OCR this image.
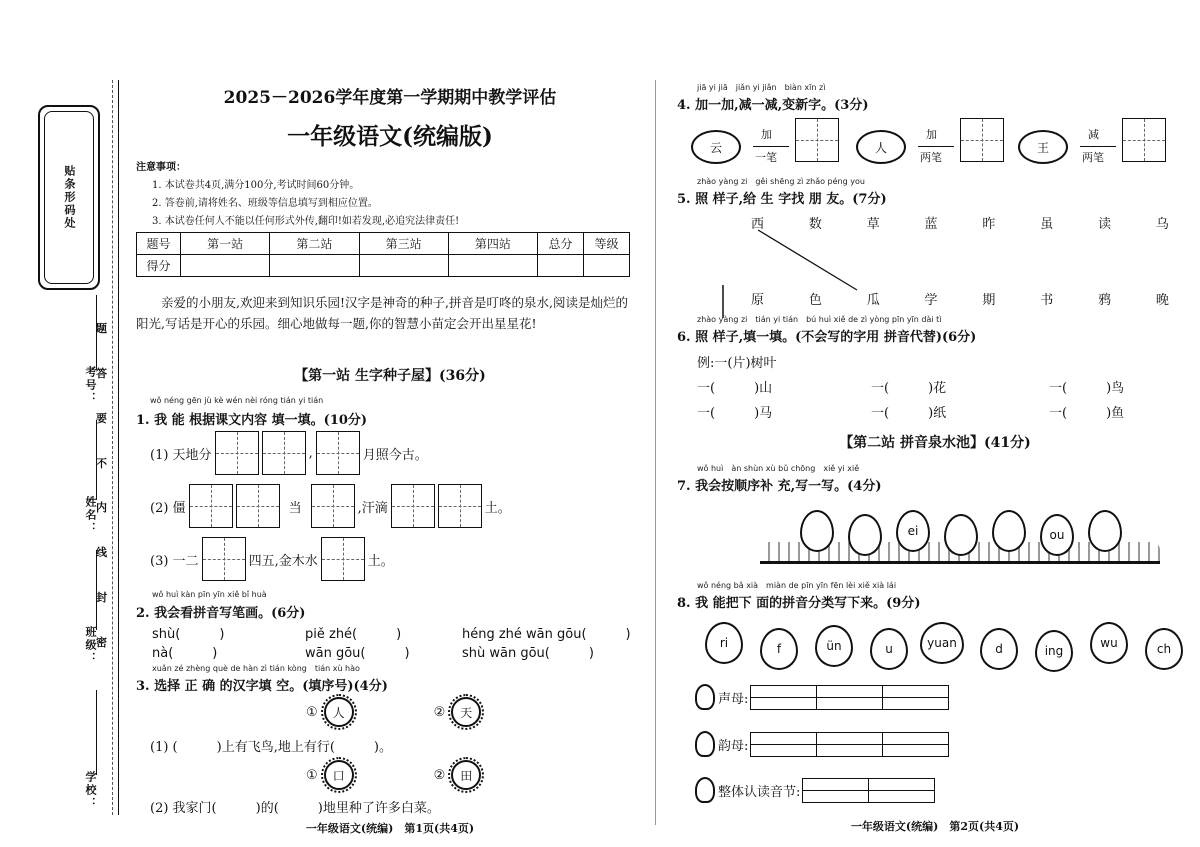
贴条形码处
题
答
要
不
内
线
封
密
考号：
姓名：
班级：
学校：
2025－2026学年度第一学期期中教学评估
一年级语文(统编版)
注意事项：
1. 本试卷共4页,满分100分,考试时间60分钟。
2. 答卷前,请将姓名、班级等信息填写到相应位置。
3. 本试卷任何人不能以任何形式外传,翻印!如若发现,必追究法律责任!
题号	第一站	第二站	第三站	第四站	总分	等级
得分						
亲爱的小朋友,欢迎来到知识乐园!汉字是神奇的种子,拼音是叮咚的泉水,阅读是灿烂的阳光,写话是开心的乐园。细心地做每一题,你的智慧小苗定会开出星星花!
【第一站 生字种子屋】(36分)
wǒ néng gēn jù kè wén nèi róng tián yi tián
1. 我 能 根据课文内容 填一填。(10分)
(1) 天地分	,	月照今古。
(2) 僵	当	,汗滴	土。
(3) 一二	四五,金木水	土。
wǒ huì kàn pīn yīn xiě bǐ huà
2. 我会看拼音写笔画。(6分)
shù(　　　)	piě zhé(　　　)	héng zhé wān gōu(　　　)
nà(　　　)	wān gōu(　　　)	shù wān gōu(　　　)
xuǎn zé zhèng què de hàn zì tián kòng　tián xù hào
3. 选择 正 确 的汉字填 空。(填序号)(4分)
①	人	②	天
(1) (　　　)上有飞鸟,地上有行(　　　)。
①	口	②	田
(2) 我家门(　　　)的(　　　)地里种了许多白菜。
一年级语文(统编)　第1页(共4页)
jiā yi jiā　jiǎn yi jiǎn　biàn xīn zì
4. 加一加,减一减,变新字。(3分)
云
加
一笔
人
加
两笔
王
减
两笔
zhào yàng zi　gěi shēng zì zhǎo péng you
5. 照 样子,给 生 字找 朋 友。(7分)
西	数	草	蓝	昨	虽	读	乌
原	色	瓜	学	期	书	鸦	晚
zhào yàng zi　tián yi tián　bú huì xiě de zì yòng pīn yīn dài tì
6. 照 样子,填一填。(不会写的字用 拼音代替)(6分)
例:一(片)树叶
一(　　　)山	一(　　　)花	一(　　　)鸟
一(　　　)马	一(　　　)纸	一(　　　)鱼
【第二站 拼音泉水池】(41分)
wǒ huì　àn shùn xù bǔ chōng　xiě yi xiě
7. 我会按顺序补 充,写一写。(4分)
ei	ou
wǒ néng bǎ xià　miàn de pīn yīn fēn lèi xiě xià lái
8. 我 能把下 面的拼音分类写下来。(9分)
ri	f	ün	u	yuan	d	ing
wu	ch
声母:

韵母:

整体认读音节:

一年级语文(统编)　第2页(共4页)
